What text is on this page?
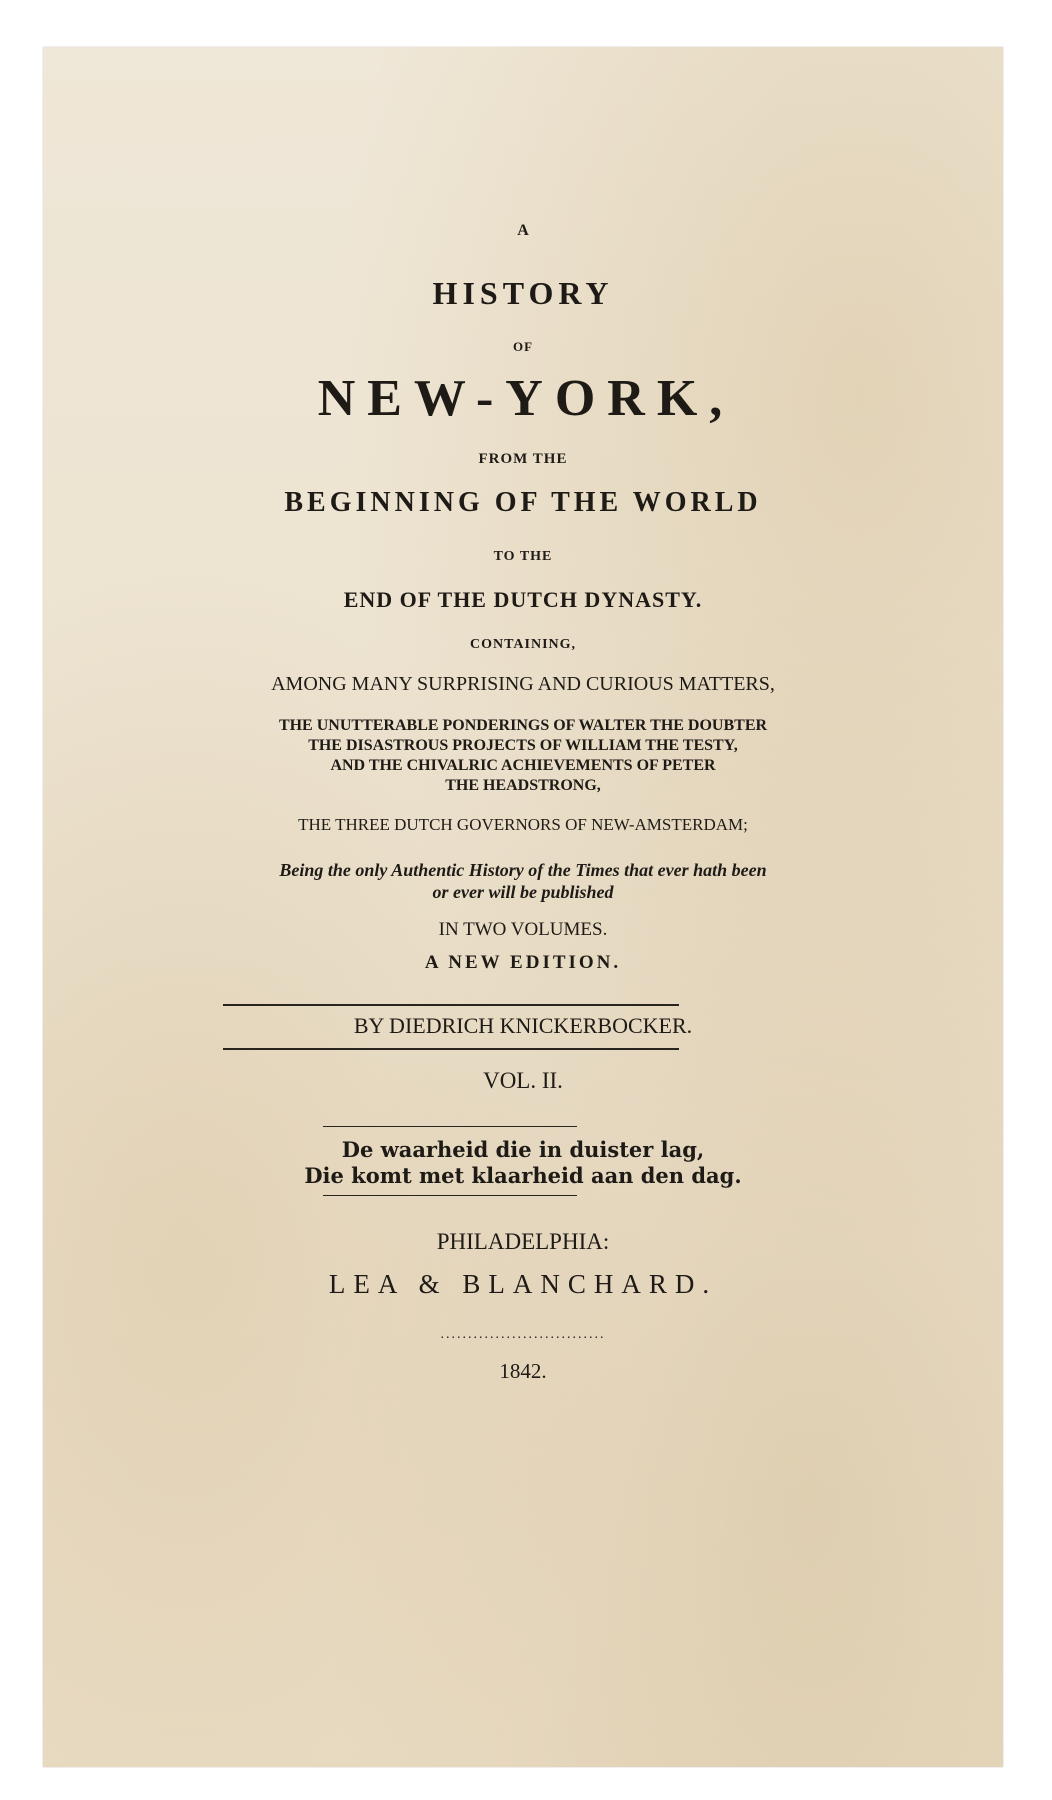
A
HISTORY
OF
NEW-YORK,
FROM THE
BEGINNING OF THE WORLD
TO THE
END OF THE DUTCH DYNASTY.
CONTAINING,
AMONG MANY SURPRISING AND CURIOUS MATTERS,
THE UNUTTERABLE PONDERINGS OF WALTER THE DOUBTER
THE DISASTROUS PROJECTS OF WILLIAM THE TESTY,
AND THE CHIVALRIC ACHIEVEMENTS OF PETER
THE HEADSTRONG,
THE THREE DUTCH GOVERNORS OF NEW-AMSTERDAM;
Being the only Authentic History of the Times that ever hath been
or ever will be published
IN TWO VOLUMES.
A NEW EDITION.
BY DIEDRICH KNICKERBOCKER.
VOL. II.
De waarheid die in duister lag,
Die komt met klaarheid aan den dag.
PHILADELPHIA:
LEA & BLANCHARD.
..............................
1842.
